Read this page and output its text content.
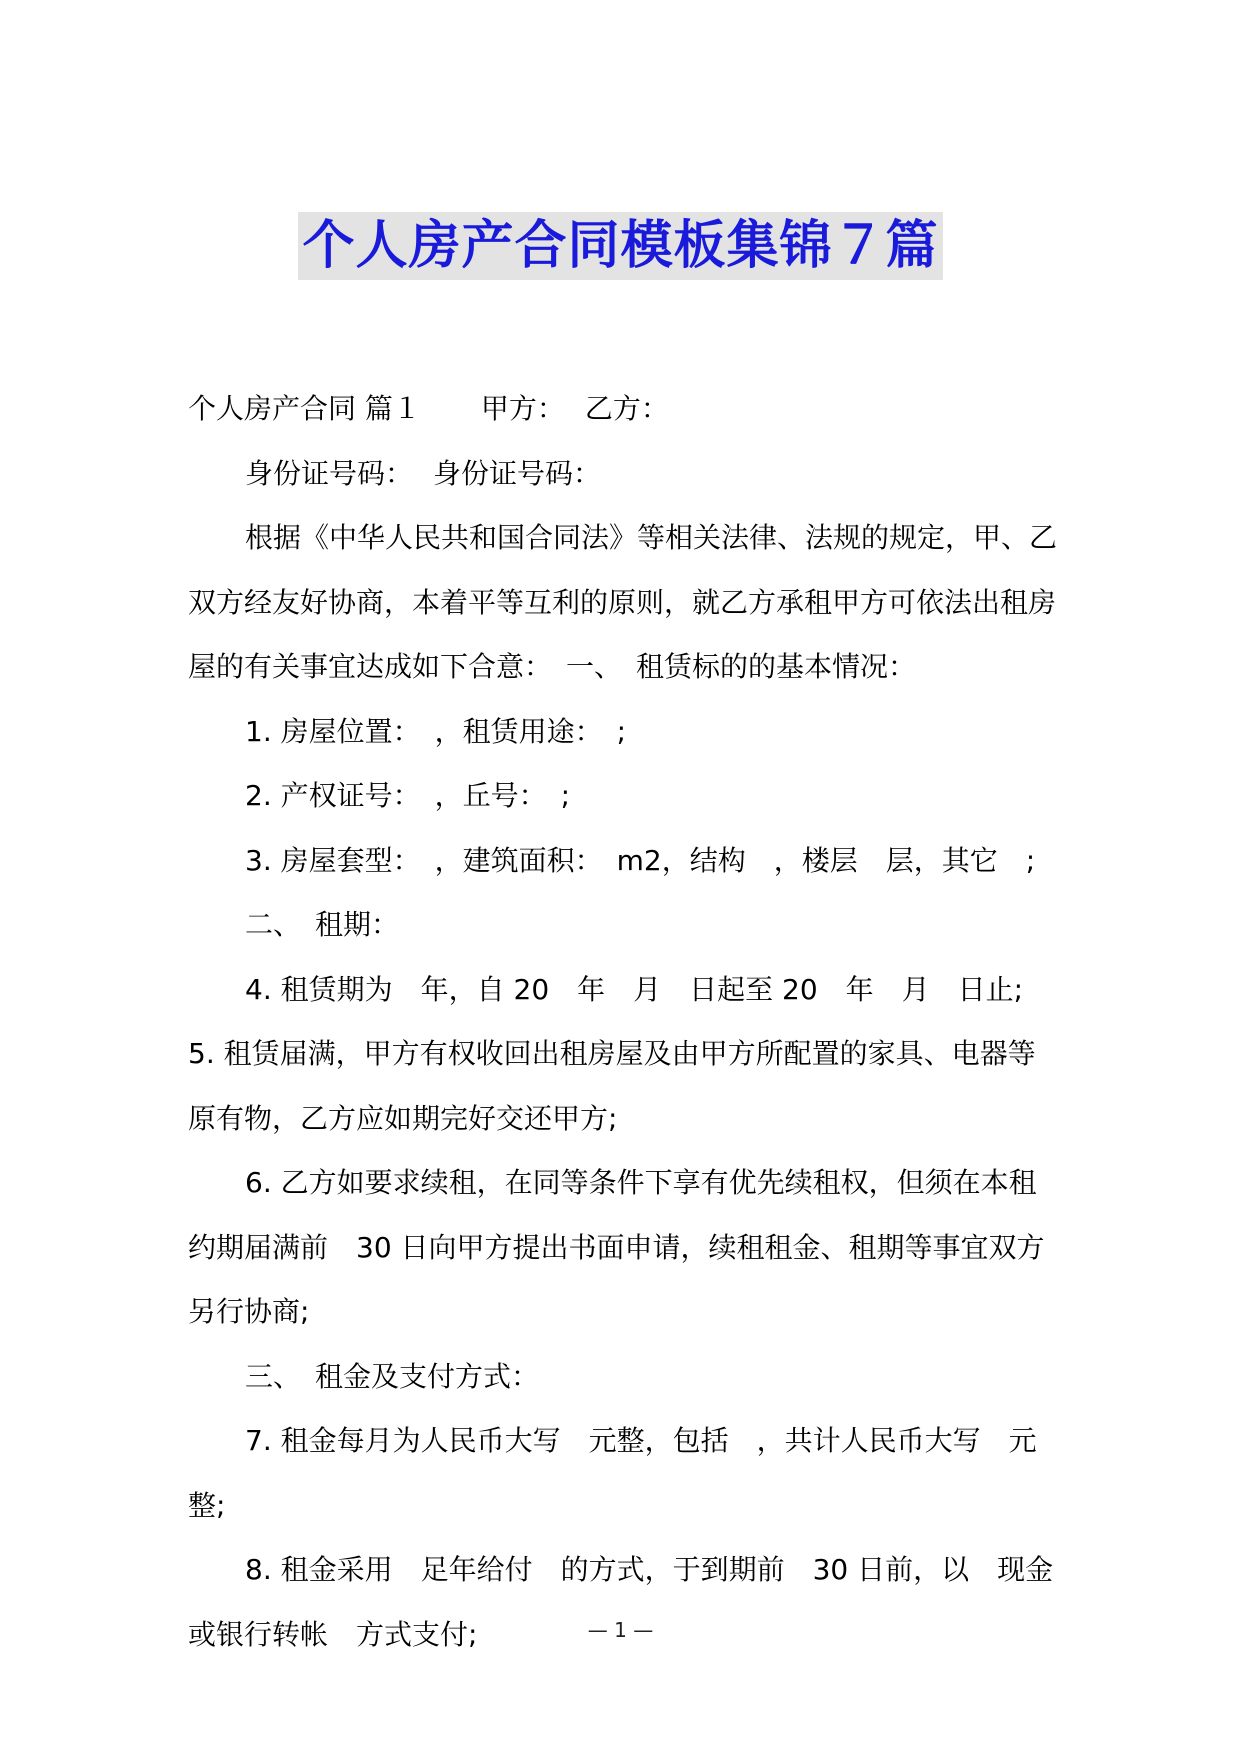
个人房产合同模板集锦７篇

个人房产合同 篇１ 甲方： 乙方：

身份证号码： 身份证号码：

根据《中华人民共和国合同法》等相关法律、法规的规定，甲、乙双方经友好协商，本着平等互利的原则，就乙方承租甲方可依法出租房屋的有关事宜达成如下合意：　一、　租赁标的的基本情况：

1. 房屋位置：　，租赁用途：　;

2. 产权证号：　，丘号：　;

3. 房屋套型：　，建筑面积：　m2，结构　，楼层　层，其它　;

二、　租期：

4. 租赁期为　年，自 20　年　月　日起至 20　年　月　日止; 5. 租赁届满，甲方有权收回出租房屋及由甲方所配置的家具、电器等原有物，乙方应如期完好交还甲方;

6. 乙方如要求续租，在同等条件下享有优先续租权，但须在本租约期届满前　30 日向甲方提出书面申请，续租租金、租期等事宜双方另行协商;

三、　租金及支付方式：

7. 租金每月为人民币大写　元整，包括　，共计人民币大写　元整;

8. 租金采用　足年给付　的方式，于到期前　30 日前，以　现金或银行转帐　方式支付;	— 1 —
